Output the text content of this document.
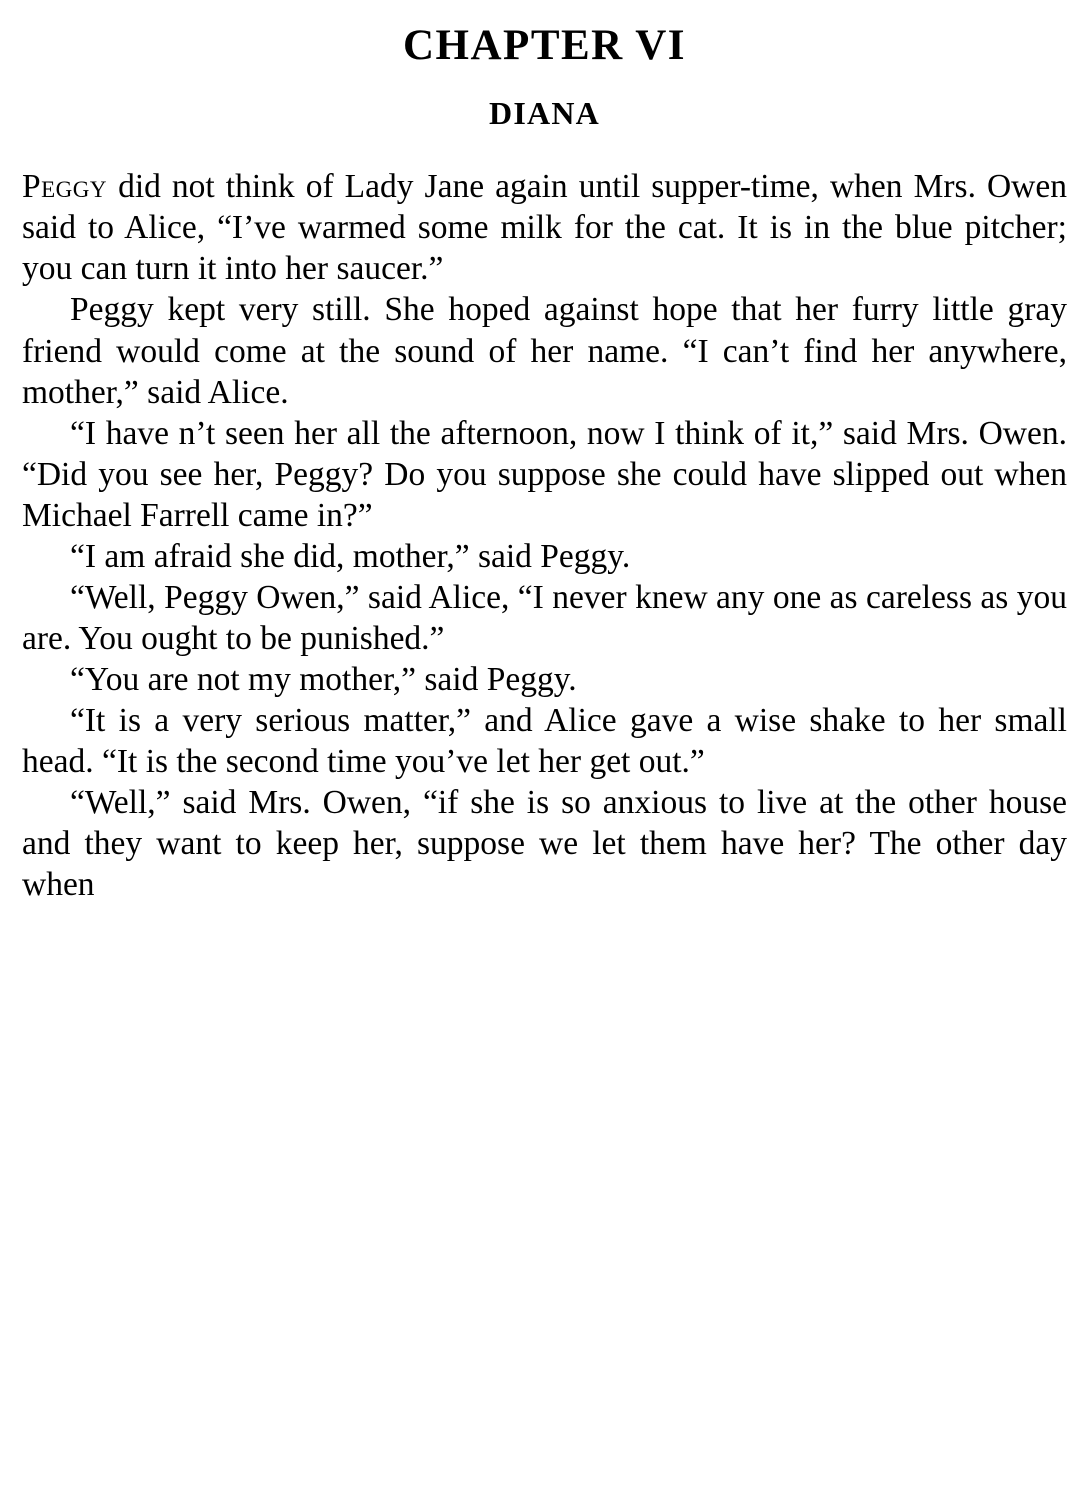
CHAPTER VI
DIANA

Peggy did not think of Lady Jane again until supper-time, when Mrs. Owen said to Alice, “I’ve warmed some milk for the cat. It is in the blue pitcher; you can turn it into her saucer.”

Peggy kept very still. She hoped against hope that her furry little gray friend would come at the sound of her name. “I can’t find her anywhere, mother,” said Alice.

“I have n’t seen her all the afternoon, now I think of it,” said Mrs. Owen. “Did you see her, Peggy? Do you suppose she could have slipped out when Michael Farrell came in?”

“I am afraid she did, mother,” said Peggy.

“Well, Peggy Owen,” said Alice, “I never knew any one as careless as you are. You ought to be punished.”

“You are not my mother,” said Peggy.

“It is a very serious matter,” and Alice gave a wise shake to her small head. “It is the second time you’ve let her get out.”

“Well,” said Mrs. Owen, “if she is so anxious to live at the other house and they want to keep her, suppose we let them have her? The other day when
